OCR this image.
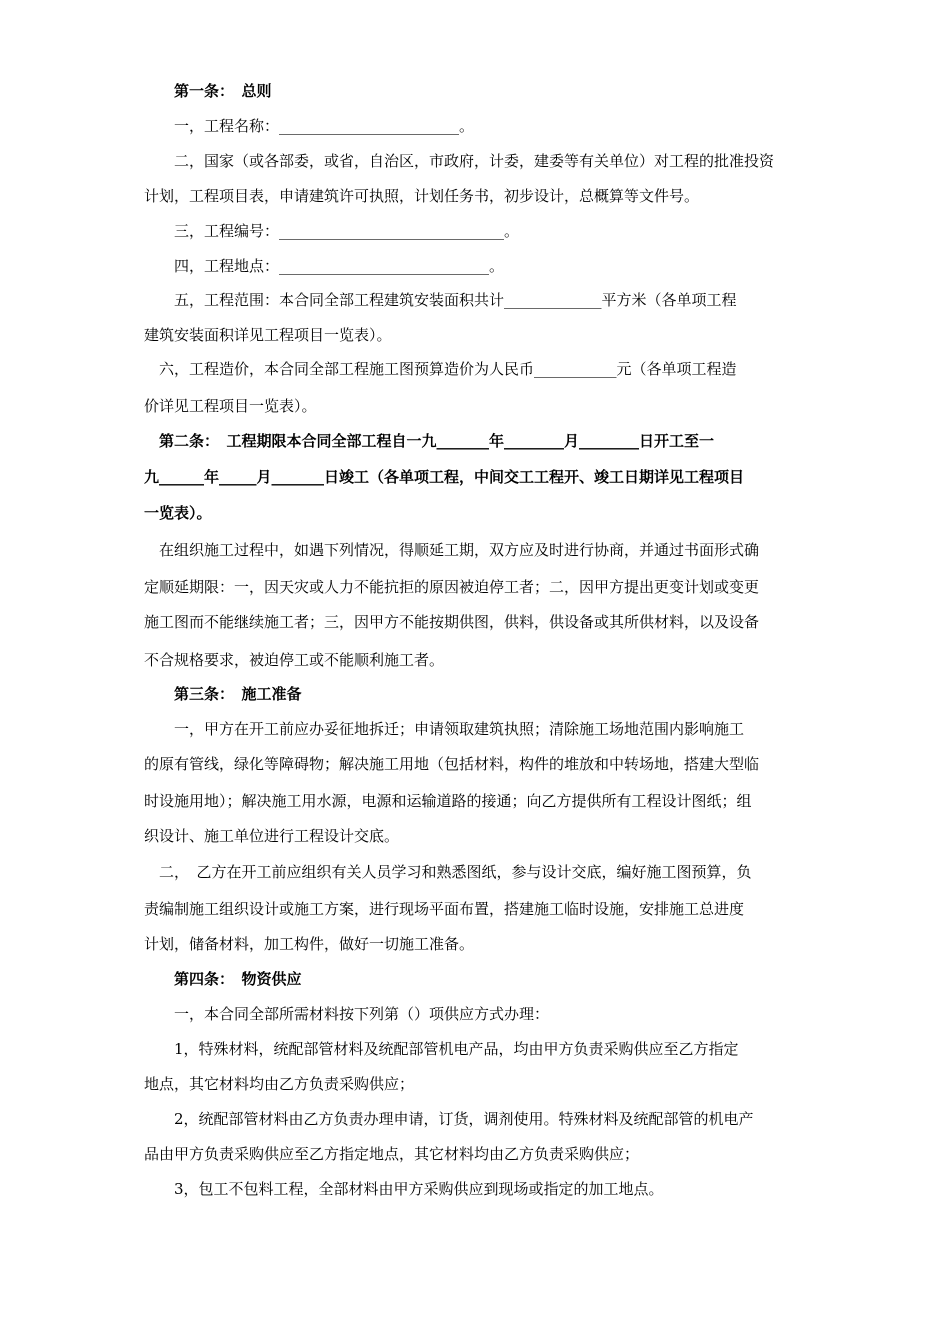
　　第一条：　总则
　　一，工程名称：________________________。
　　二，国家（或各部委，或省，自治区，市政府，计委，建委等有关单位）对工程的批准投资
计划，工程项目表，申请建筑许可执照，计划任务书，初步设计，总概算等文件号。
　　三，工程编号：______________________________。
　　四，工程地点：____________________________。
　　五，工程范围：本合同全部工程建筑安装面积共计_____________平方米（各单项工程
建筑安装面积详见工程项目一览表）。
　六，工程造价，本合同全部工程施工图预算造价为人民币___________元（各单项工程造
价详见工程项目一览表）。
　第二条：　工程期限本合同全部工程自一九_______年________月________日开工至一
九______年_____月_______日竣工（各单项工程，中间交工工程开、竣工日期详见工程项目
一览表）。
　在组织施工过程中，如遇下列情况，得顺延工期，双方应及时进行协商，并通过书面形式确
定顺延期限：一，因天灾或人力不能抗拒的原因被迫停工者；二，因甲方提出更变计划或变更
施工图而不能继续施工者；三，因甲方不能按期供图，供料，供设备或其所供材料，以及设备
不合规格要求，被迫停工或不能顺利施工者。
　　第三条：　施工准备
　　一，甲方在开工前应办妥征地拆迁；申请领取建筑执照；清除施工场地范围内影响施工
的原有管线，绿化等障碍物；解决施工用地（包括材料，构件的堆放和中转场地，搭建大型临
时设施用地）；解决施工用水源，电源和运输道路的接通；向乙方提供所有工程设计图纸；组
织设计、施工单位进行工程设计交底。
　二，　乙方在开工前应组织有关人员学习和熟悉图纸，参与设计交底，编好施工图预算，负
责编制施工组织设计或施工方案，进行现场平面布置，搭建施工临时设施，安排施工总进度
计划，储备材料，加工构件，做好一切施工准备。
　　第四条：　物资供应
　　一，本合同全部所需材料按下列第（）项供应方式办理：
　　1，特殊材料，统配部管材料及统配部管机电产品，均由甲方负责采购供应至乙方指定
地点，其它材料均由乙方负责采购供应；
　　2，统配部管材料由乙方负责办理申请，订货，调剂使用。特殊材料及统配部管的机电产
品由甲方负责采购供应至乙方指定地点，其它材料均由乙方负责采购供应；
　　3，包工不包料工程，全部材料由甲方采购供应到现场或指定的加工地点。
